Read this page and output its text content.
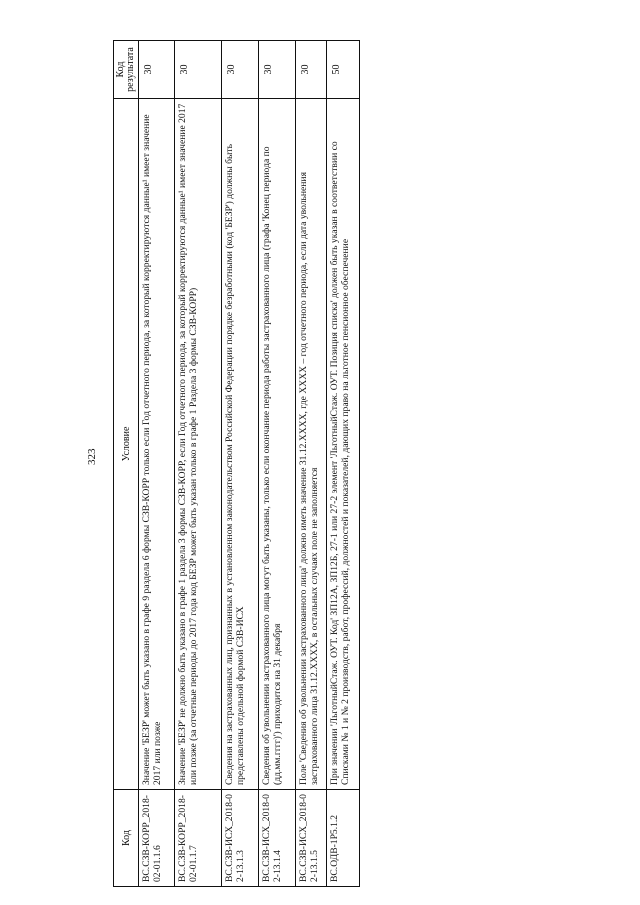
323
Код
Условие
Код результата
ВС.СЗВ-КОРР_2018-02-01.1.6
Значение 'БЕЗР' может быть указано в графе 9 раздела 6 формы СЗВ-КОРР только если Год отчетного периода, за который корректируются данные¹ имеет значение 2017 или позже
30
ВС.СЗВ-КОРР_2018-02-01.1.7
Значение 'БЕЗР' не должно быть указано в графе 1 раздела 3 формы СЗВ-КОРР, если Год отчетного периода, за который корректируются данные¹ имеет значение 2017 или позже (за отчетные периоды до 2017 года код БЕЗР может быть указан только в графе 1 Раздела 3 формы СЗВ-КОРР)
30
ВС.СЗВ-ИСХ_2018-02-13.1.3
Сведения на застрахованных лиц, признанных в установленном законодательством Российской Федерации порядке безработными (код 'БЕЗР') должны быть представлены отдельной формой СЗВ-ИСХ
30
ВС.СЗВ-ИСХ_2018-02-13.1.4
Сведения об увольнении застрахованного лица могут быть указаны, только если окончание периода работы застрахованного лица (графа 'Конец периода по (дд.мм.гггг)') приходится на 31 декабря
30
ВС.СЗВ-ИСХ_2018-02-13.1.5
Поле 'Сведения об увольнении застрахованного лица' должно иметь значение 31.12.XXXX, где XXXX – год отчетного периода, если дата увольнения застрахованного лица 31.12.XXXX, в остальных случаях поле не заполняется
30
ВС.ОДВ-1Р5.1.2
При значении 'ЛьготныйСтаж. ОУТ. Код' ЗП12А, ЗП12Б, 27-1 или 27-2 элемент 'ЛьготныйСтаж. ОУТ. Позиция списка' должен быть указан в соответствии со Списками № 1 и № 2 производств, работ, профессий, должностей и показателей, дающих право на льготное пенсионное обеспечение
50
